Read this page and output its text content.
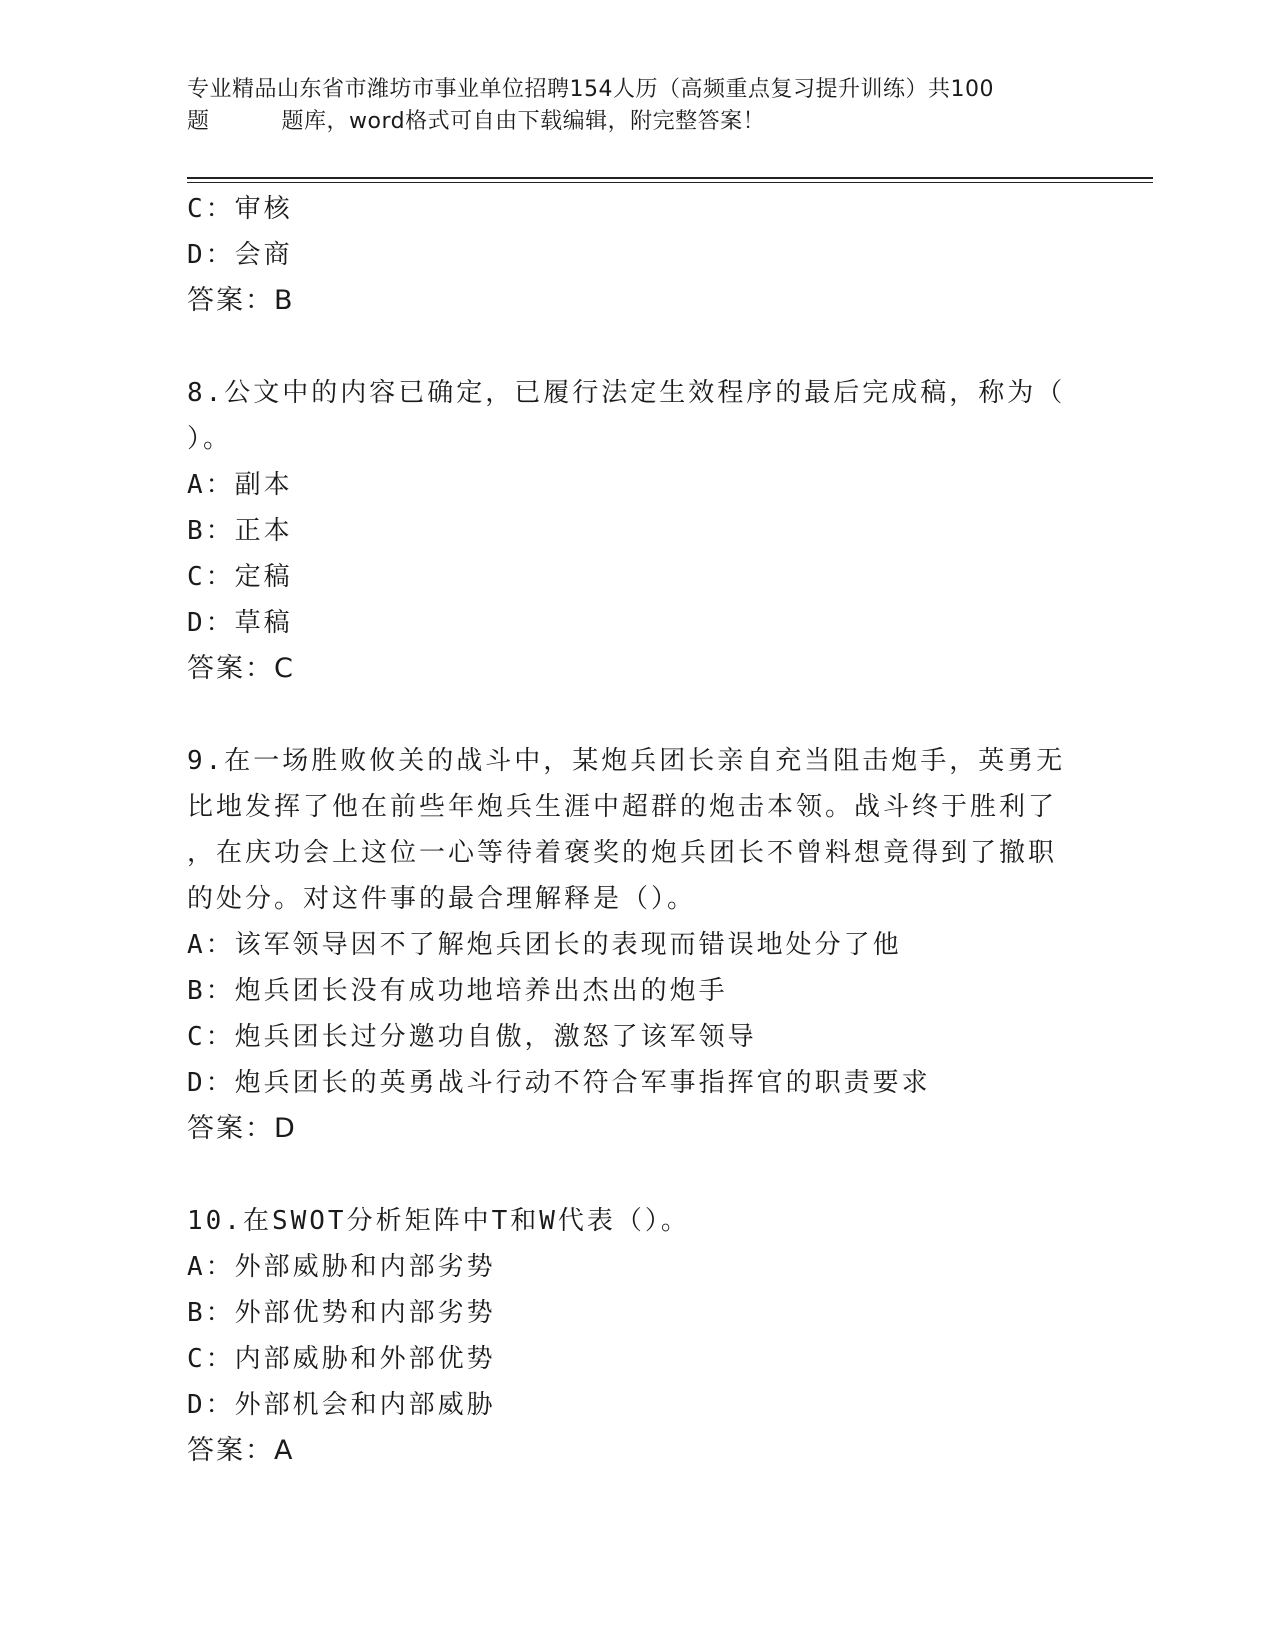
专业精品山东省市潍坊市事业单位招聘154人历（高频重点复习提升训练）共100
题	题库，word格式可自由下载编辑，附完整答案！
C：审核
D：会商
答案：B
8.公文中的内容已确定，已履行法定生效程序的最后完成稿，称为（
）。
A：副本
B：正本
C：定稿
D：草稿
答案：C
9.在一场胜败攸关的战斗中，某炮兵团长亲自充当阻击炮手，英勇无
比地发挥了他在前些年炮兵生涯中超群的炮击本领。战斗终于胜利了
，在庆功会上这位一心等待着褒奖的炮兵团长不曾料想竟得到了撤职
的处分。对这件事的最合理解释是（）。
A：该军领导因不了解炮兵团长的表现而错误地处分了他
B：炮兵团长没有成功地培养出杰出的炮手
C：炮兵团长过分邀功自傲，激怒了该军领导
D：炮兵团长的英勇战斗行动不符合军事指挥官的职责要求
答案：D
10.在SWOT分析矩阵中T和W代表（）。
A：外部威胁和内部劣势
B：外部优势和内部劣势
C：内部威胁和外部优势
D：外部机会和内部威胁
答案：A
